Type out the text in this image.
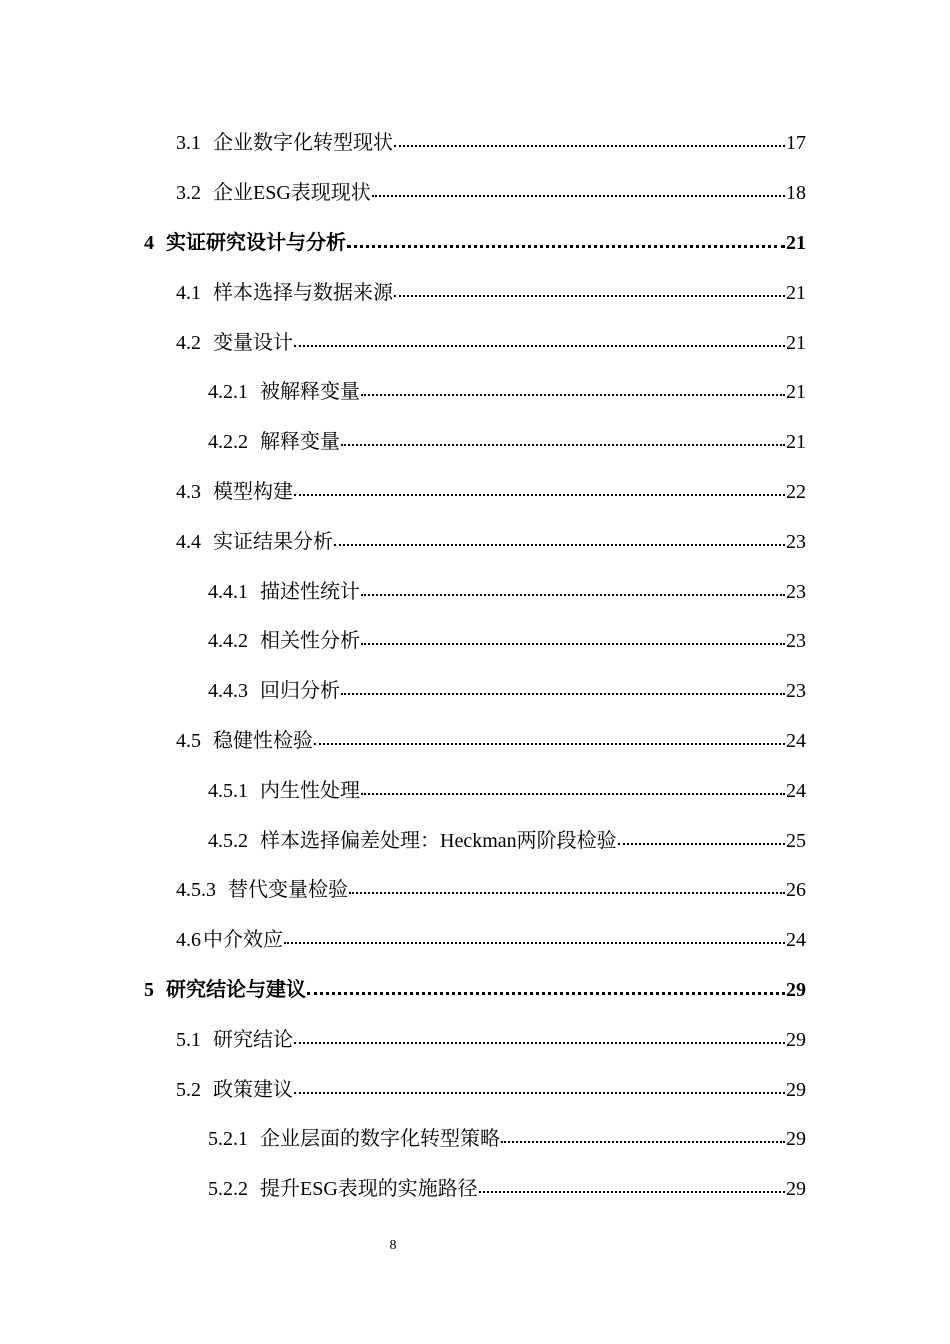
3.1 企业数字化转型现状	17
3.2 企业ESG表现现状	18
4 实证研究设计与分析	21
4.1 样本选择与数据来源	21
4.2 变量设计	21
4.2.1 被解释变量	21
4.2.2 解释变量	21
4.3 模型构建	22
4.4 实证结果分析	23
4.4.1 描述性统计	23
4.4.2 相关性分析	23
4.4.3 回归分析	23
4.5 稳健性检验	24
4.5.1 内生性处理	24
4.5.2 样本选择偏差处理：Heckman两阶段检验	25
4.5.3 替代变量检验	26
4.6 中介效应	24
5 研究结论与建议	29
5.1 研究结论	29
5.2 政策建议	29
5.2.1 企业层面的数字化转型策略	29
5.2.2 提升ESG表现的实施路径	29
8
